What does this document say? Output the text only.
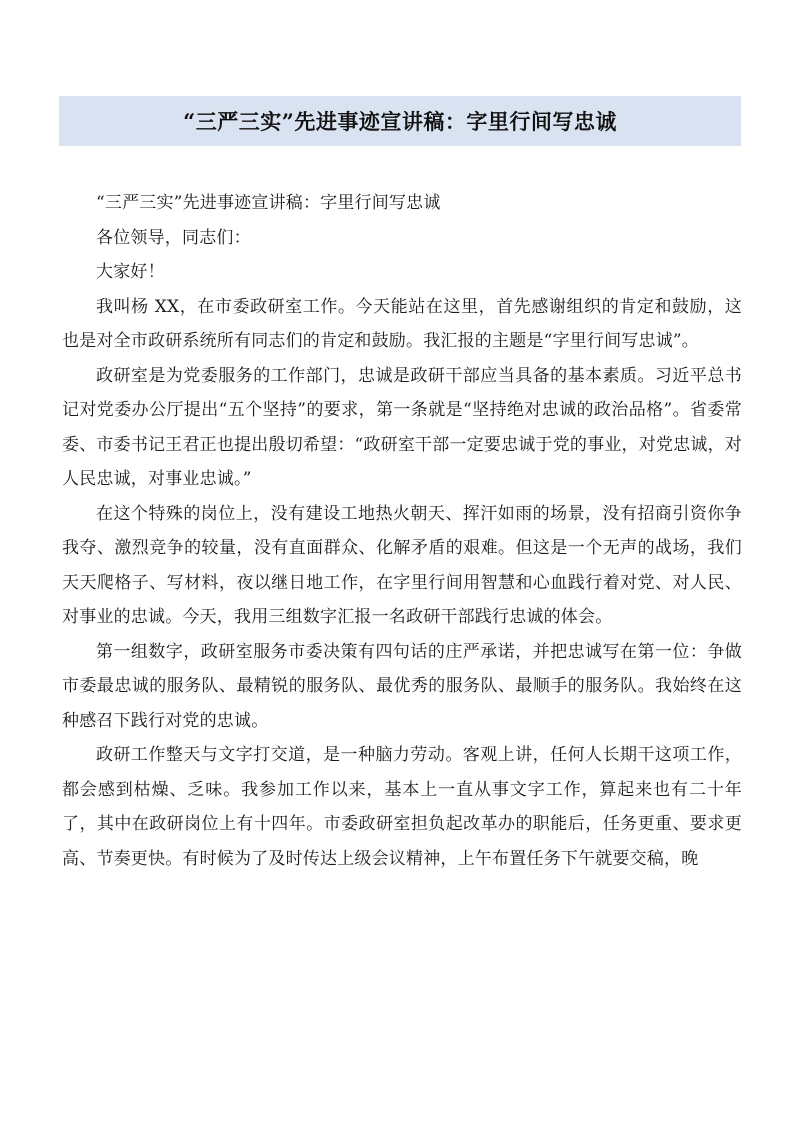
“三严三实”先进事迹宣讲稿：字里行间写忠诚

“三严三实”先进事迹宣讲稿：字里行间写忠诚

各位领导，同志们：

大家好！

我叫杨 XX，在市委政研室工作。今天能站在这里，首先感谢组织的肯定和鼓励，这也是对全市政研系统所有同志们的肯定和鼓励。我汇报的主题是“字里行间写忠诚”。

政研室是为党委服务的工作部门，忠诚是政研干部应当具备的基本素质。习近平总书记对党委办公厅提出“五个坚持”的要求，第一条就是“坚持绝对忠诚的政治品格”。省委常委、市委书记王君正也提出殷切希望：“政研室干部一定要忠诚于党的事业，对党忠诚，对人民忠诚，对事业忠诚。”

在这个特殊的岗位上，没有建设工地热火朝天、挥汗如雨的场景，没有招商引资你争我夺、激烈竞争的较量，没有直面群众、化解矛盾的艰难。但这是一个无声的战场，我们天天爬格子、写材料，夜以继日地工作，在字里行间用智慧和心血践行着对党、对人民、对事业的忠诚。今天，我用三组数字汇报一名政研干部践行忠诚的体会。

第一组数字，政研室服务市委决策有四句话的庄严承诺，并把忠诚写在第一位：争做市委最忠诚的服务队、最精锐的服务队、最优秀的服务队、最顺手的服务队。我始终在这种感召下践行对党的忠诚。

政研工作整天与文字打交道，是一种脑力劳动。客观上讲，任何人长期干这项工作，都会感到枯燥、乏味。我参加工作以来，基本上一直从事文字工作，算起来也有二十年了，其中在政研岗位上有十四年。市委政研室担负起改革办的职能后，任务更重、要求更高、节奏更快。有时候为了及时传达上级会议精神，上午布置任务下午就要交稿，晚
